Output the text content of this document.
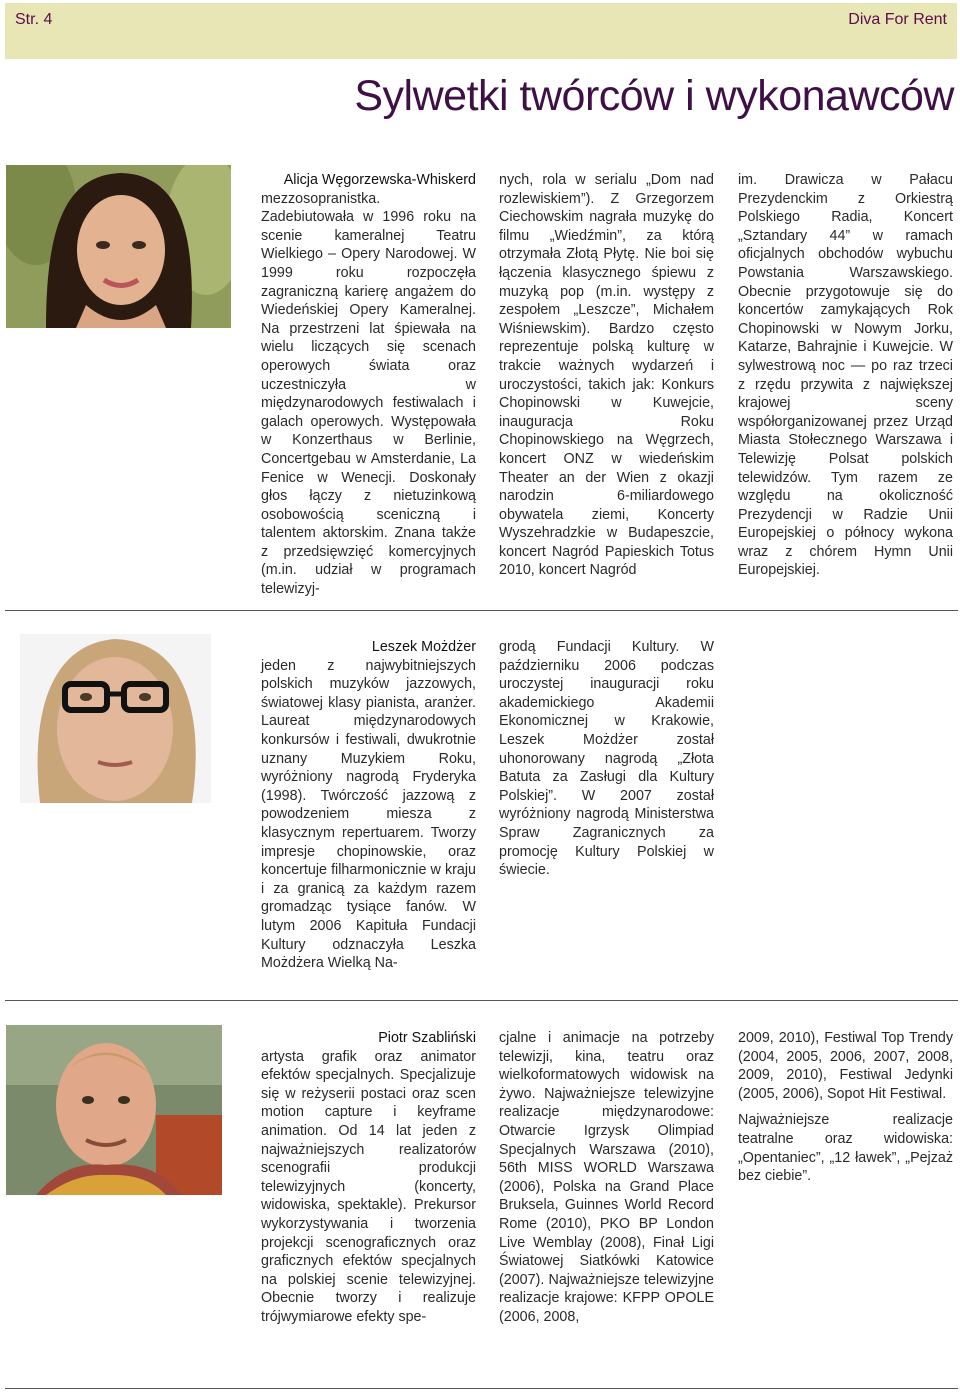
Str. 4	Diva For Rent
Sylwetki twórców i wykonawców
Alicja Węgorzewska-Whiskerd
mezzosopranistka. Zadebiutowała w 1996 roku na scenie kameralnej Teatru Wielkiego – Opery Narodowej. W 1999 roku rozpoczęła zagraniczną karierę angażem do Wiedeńskiej Opery Kameralnej. Na przestrzeni lat śpiewała na wielu liczących się scenach operowych świata oraz uczestniczyła w międzynarodowych festiwalach i galach operowych. Występowała w Konzerthaus w Berlinie, Concertgebau w Amsterdanie, La Fenice w Wenecji. Doskonały głos łączy z nietuzinkową osobowością sceniczną i talentem aktorskim. Znana także z przedsięwzięć komercyjnych (m.in. udział w programach telewizyj-
nych, rola w serialu „Dom nad rozlewiskiem”). Z Grzegorzem Ciechowskim nagrała muzykę do filmu „Wiedźmin”, za którą otrzymała Złotą Płytę. Nie boi się łączenia klasycznego śpiewu z muzyką pop (m.in. występy z zespołem „Leszcze”, Michałem Wiśniewskim). Bardzo często reprezentuje polską kulturę w trakcie ważnych wydarzeń i uroczystości, takich jak: Konkurs Chopinowski w Kuwejcie, inauguracja Roku Chopinowskiego na Węgrzech, koncert ONZ w wiedeńskim Theater an der Wien z okazji narodzin 6-miliardowego obywatela ziemi, Koncerty Wyszehradzkie w Budapeszcie, koncert Nagród Papieskich Totus 2010, koncert Nagród
im. Drawicza w Pałacu Prezydenckim z Orkiestrą Polskiego Radia, Koncert „Sztandary 44” w ramach oficjalnych obchodów wybuchu Powstania Warszawskiego. Obecnie przygotowuje się do koncertów zamykających Rok Chopinowski w Nowym Jorku, Katarze, Bahrajnie i Kuwejcie. W sylwestrową noc — po raz trzeci z rzędu przywita z największej krajowej sceny współorganizowanej przez Urząd Miasta Stołecznego Warszawa i Telewizję Polsat polskich telewidzów. Tym razem ze względu na okoliczność Prezydencji w Radzie Unii Europejskiej o północy wykona wraz z chórem Hymn Unii Europejskiej.
Leszek Możdżer
jeden z najwybitniejszych polskich muzyków jazzowych, światowej klasy pianista, aranżer. Laureat międzynarodowych konkursów i festiwali, dwukrotnie uznany Muzykiem Roku, wyróżniony nagrodą Fryderyka (1998). Twórczość jazzową z powodzeniem miesza z klasycznym repertuarem. Tworzy impresje chopinowskie, oraz koncertuje filharmonicznie w kraju i za granicą za każdym razem gromadząc tysiące fanów. W lutym 2006 Kapituła Fundacji Kultury odznaczyła Leszka Możdżera Wielką Na-
grodą Fundacji Kultury. W październiku 2006 podczas uroczystej inauguracji roku akademickiego Akademii Ekonomicznej w Krakowie, Leszek Możdżer został uhonorowany nagrodą „Złota Batuta za Zasługi dla Kultury Polskiej”. W 2007 został wyróżniony nagrodą Ministerstwa Spraw Zagranicznych za promocję Kultury Polskiej w świecie.
Piotr Szabliński
artysta grafik oraz animator efektów specjalnych. Specjalizuje się w reżyserii postaci oraz scen motion capture i keyframe animation. Od 14 lat jeden z najważniejszych realizatorów scenografii produkcji telewizyjnych (koncerty, widowiska, spektakle). Prekursor wykorzystywania i tworzenia projekcji scenograficznych oraz graficznych efektów specjalnych na polskiej scenie telewizyjnej. Obecnie tworzy i realizuje trójwymiarowe efekty spe-
cjalne i animacje na potrzeby telewizji, kina, teatru oraz wielkoformatowych widowisk na żywo. Najważniejsze telewizyjne realizacje międzynarodowe: Otwarcie Igrzysk Olimpiad Specjalnych Warszawa (2010), 56th MISS WORLD Warszawa (2006), Polska na Grand Place Bruksela, Guinnes World Record Rome (2010), PKO BP London Live Wemblay (2008), Finał Ligi Światowej Siatkówki Katowice (2007). Najważniejsze telewizyjne realizacje krajowe: KFPP OPOLE (2006, 2008,

2009, 2010), Festiwal Top Trendy (2004, 2005, 2006, 2007, 2008, 2009, 2010), Festiwal Jedynki (2005, 2006), Sopot Hit Festiwal.

Najważniejsze realizacje teatralne oraz widowiska: „Opentaniec”, „12 ławek”, „Pejzaż bez ciebie”.
